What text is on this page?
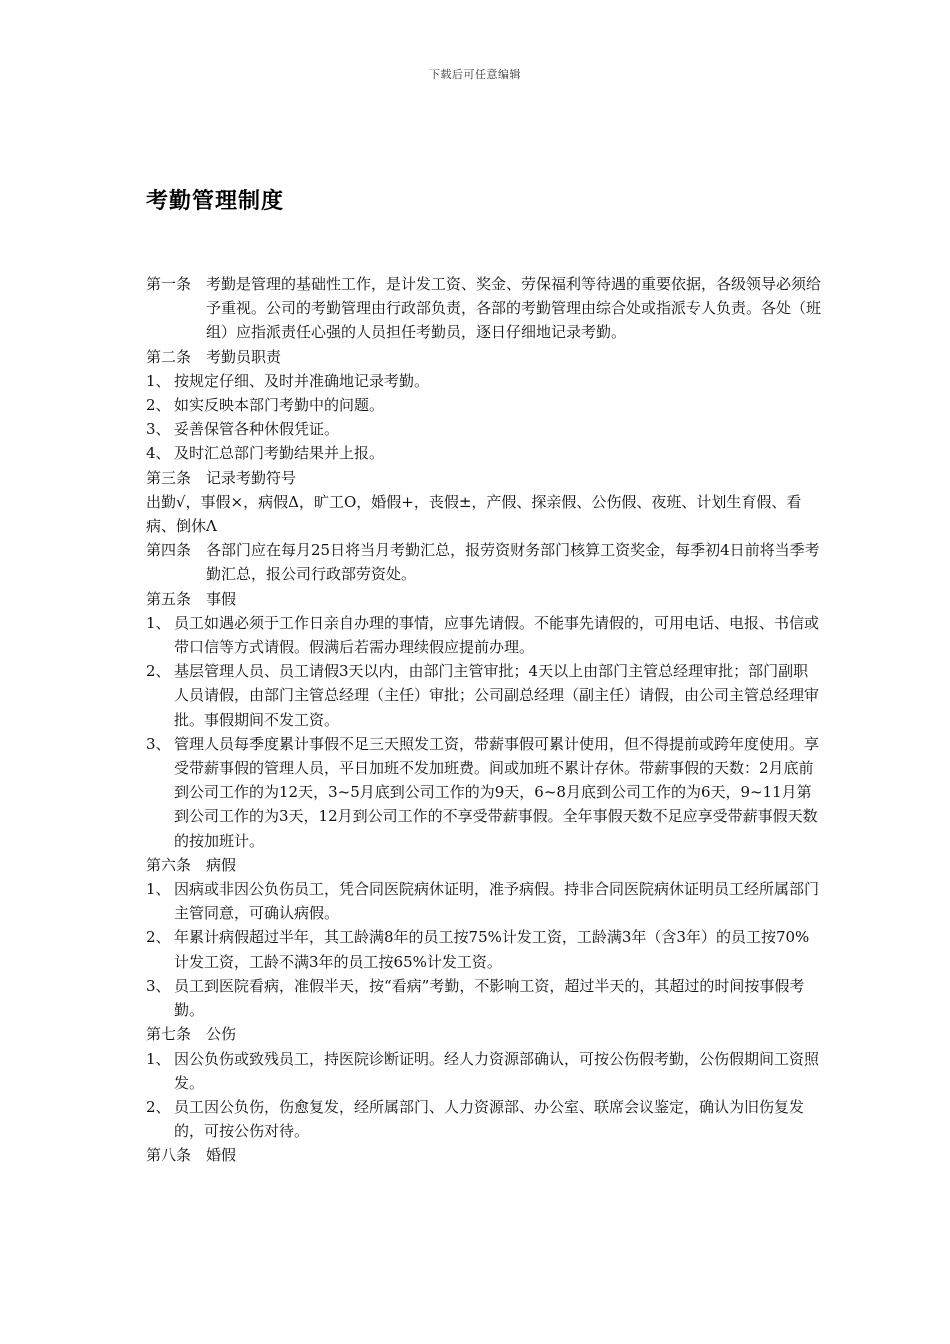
下载后可任意编辑
考勤管理制度
第一条 考勤是管理的基础性工作，是计发工资、奖金、劳保福利等待遇的重要依据，各级领导必须给予重视。公司的考勤管理由行政部负责，各部的考勤管理由综合处或指派专人负责。各处（班组）应指派责任心强的人员担任考勤员，逐日仔细地记录考勤。
第二条 考勤员职责
1、 按规定仔细、及时并准确地记录考勤。
2、 如实反映本部门考勤中的问题。
3、 妥善保管各种休假凭证。
4、 及时汇总部门考勤结果并上报。
第三条 记录考勤符号
出勤√，事假×，病假Δ，旷工Ο，婚假+，丧假±，产假、探亲假、公伤假、夜班、计划生育假、看病、倒休Λ
第四条 各部门应在每月25日将当月考勤汇总，报劳资财务部门核算工资奖金，每季初4日前将当季考勤汇总，报公司行政部劳资处。
第五条 事假
1、 员工如遇必须于工作日亲自办理的事情，应事先请假。不能事先请假的，可用电话、电报、书信或带口信等方式请假。假满后若需办理续假应提前办理。
2、 基层管理人员、员工请假3天以内，由部门主管审批；4天以上由部门主管总经理审批；部门副职人员请假，由部门主管总经理（主任）审批；公司副总经理（副主任）请假，由公司主管总经理审批。事假期间不发工资。
3、 管理人员每季度累计事假不足三天照发工资，带薪事假可累计使用，但不得提前或跨年度使用。享受带薪事假的管理人员，平日加班不发加班费。间或加班不累计存休。带薪事假的天数：2月底前到公司工作的为12天，3~5月底到公司工作的为9天，6~8月底到公司工作的为6天，9~11月第到公司工作的为3天，12月到公司工作的不享受带薪事假。全年事假天数不足应享受带薪事假天数的按加班计。
第六条 病假
1、 因病或非因公负伤员工，凭合同医院病休证明，准予病假。持非合同医院病休证明员工经所属部门主管同意，可确认病假。
2、 年累计病假超过半年，其工龄满8年的员工按75%计发工资，工龄满3年（含3年）的员工按70%计发工资，工龄不满3年的员工按65%计发工资。
3、 员工到医院看病，准假半天，按“看病”考勤，不影响工资，超过半天的，其超过的时间按事假考勤。
第七条 公伤
1、 因公负伤或致残员工，持医院诊断证明。经人力资源部确认，可按公伤假考勤，公伤假期间工资照发。
2、 员工因公负伤，伤愈复发，经所属部门、人力资源部、办公室、联席会议鉴定，确认为旧伤复发的，可按公伤对待。
第八条 婚假
